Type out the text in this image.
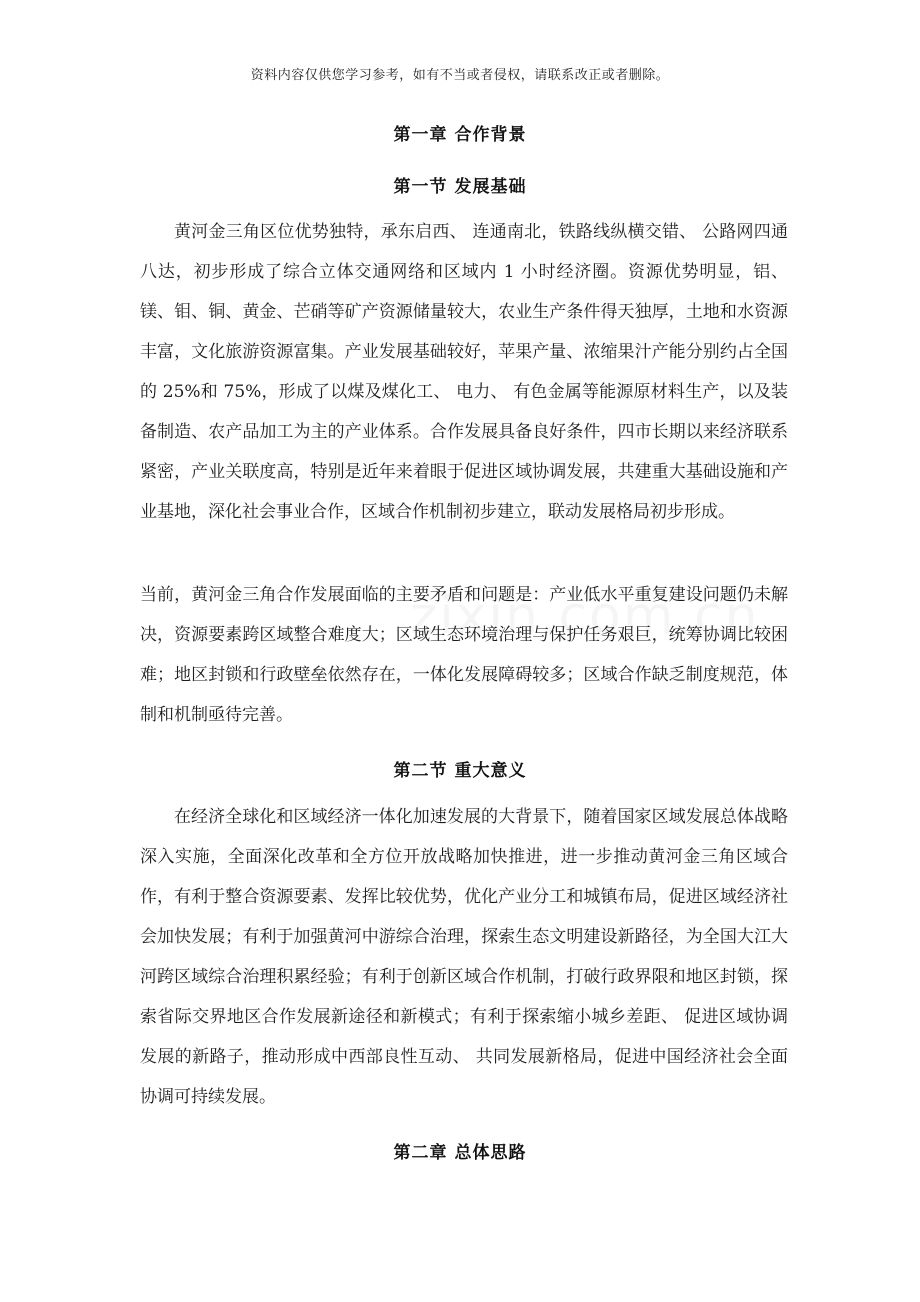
资料内容仅供您学习参考，如有不当或者侵权，请联系改正或者删除。
第一章 合作背景
第一节 发展基础
黄河金三角区位优势独特，承东启西、 连通南北，铁路线纵横交错、 公路网四通八达，初步形成了综合立体交通网络和区域内 1 小时经济圈。资源优势明显，铝、镁、钼、铜、黄金、芒硝等矿产资源储量较大，农业生产条件得天独厚，土地和水资源丰富，文化旅游资源富集。产业发展基础较好，苹果产量、浓缩果汁产能分别约占全国的 25%和 75%，形成了以煤及煤化工、 电力、 有色金属等能源原材料生产，以及装备制造、农产品加工为主的产业体系。合作发展具备良好条件，四市长期以来经济联系紧密，产业关联度高，特别是近年来着眼于促进区域协调发展，共建重大基础设施和产业基地，深化社会事业合作，区域合作机制初步建立，联动发展格局初步形成。
当前，黄河金三角合作发展面临的主要矛盾和问题是：产业低水平重复建设问题仍未解决，资源要素跨区域整合难度大；区域生态环境治理与保护任务艰巨，统筹协调比较困难；地区封锁和行政壁垒依然存在，一体化发展障碍较多；区域合作缺乏制度规范，体制和机制亟待完善。
第二节 重大意义
在经济全球化和区域经济一体化加速发展的大背景下，随着国家区域发展总体战略深入实施，全面深化改革和全方位开放战略加快推进，进一步推动黄河金三角区域合作，有利于整合资源要素、发挥比较优势，优化产业分工和城镇布局，促进区域经济社会加快发展；有利于加强黄河中游综合治理，探索生态文明建设新路径，为全国大江大河跨区域综合治理积累经验；有利于创新区域合作机制，打破行政界限和地区封锁，探索省际交界地区合作发展新途径和新模式；有利于探索缩小城乡差距、 促进区域协调发展的新路子，推动形成中西部良性互动、 共同发展新格局，促进中国经济社会全面协调可持续发展。
第二章 总体思路
